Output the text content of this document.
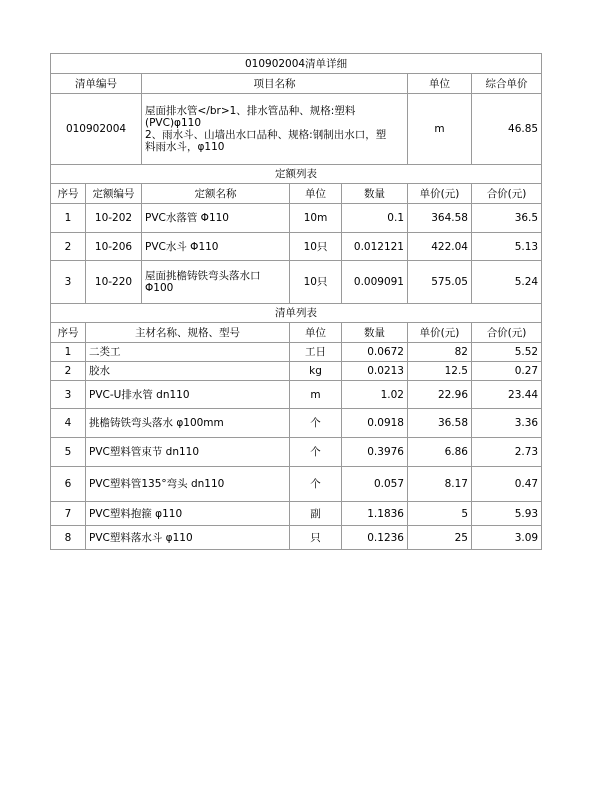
010902004清单详细						
清单编号		项目名称			单位	综合单价
010902004		屋面排水管</br>1、排水管品种、规格:塑料
(PVC)φ110
2、雨水斗、山墙出水口品种、规格:钢制出水口，塑
料雨水斗，φ110			m	46.85
定额列表						
序号	定额编号	定额名称	单位	数量	单价(元)	合价(元)
1	10-202	PVC水落管 Φ110	10m	0.1	364.58	36.5
2	10-206	PVC水斗 Φ110	10只	0.012121	422.04	5.13
3	10-220	屋面挑檐铸铁弯头落水口
Φ100	10只	0.009091	575.05	5.24
清单列表						
序号	主材名称、规格、型号		单位	数量	单价(元)	合价(元)
1	二类工		工日	0.0672	82	5.52
2	胶水		kg	0.0213	12.5	0.27
3	PVC-U排水管 dn110		m	1.02	22.96	23.44
4	挑檐铸铁弯头落水 φ100mm		个	0.0918	36.58	3.36
5	PVC塑料管束节 dn110		个	0.3976	6.86	2.73
6	PVC塑料管135°弯头 dn110		个	0.057	8.17	0.47
7	PVC塑料抱箍 φ110		副	1.1836	5	5.93
8	PVC塑料落水斗 φ110		只	0.1236	25	3.09
